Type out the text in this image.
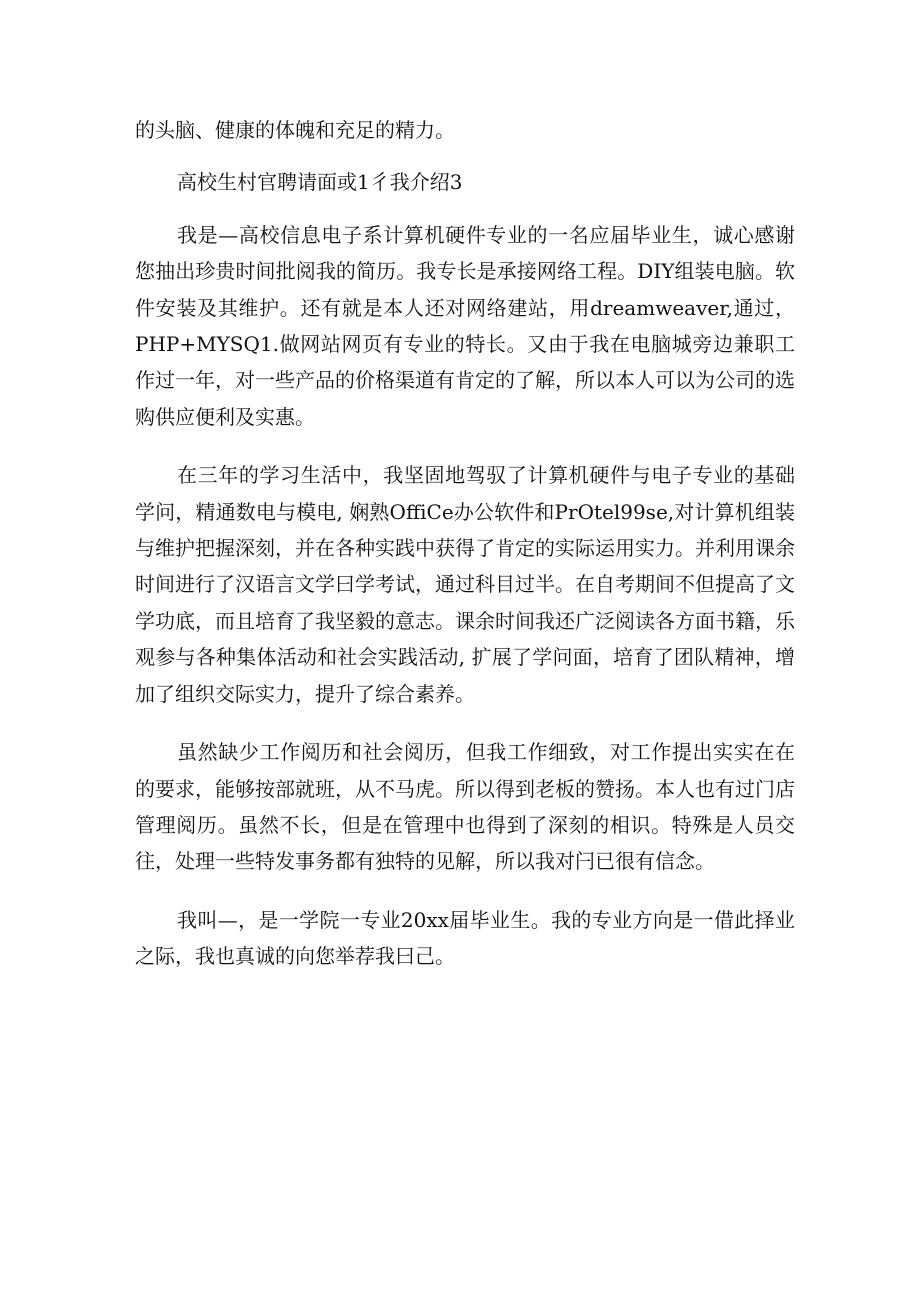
的头脑、健康的体魄和充足的精力。

高校生村官聘请面或1彳我介绍3

我是—高校信息电子系计算机硬件专业的一名应届毕业生，诚心感谢您抽出珍贵时间批阅我的简历。我专长是承接网络工程。DIY组装电脑。软件安装及其维护。还有就是本人还对网络建站，用dreamweaver,通过，PHP+MYSQ1.做网站网页有专业的特长。又由于我在电脑城旁边兼职工作过一年，对一些产品的价格渠道有肯定的了解，所以本人可以为公司的选购供应便利及实惠。

在三年的学习生活中，我坚固地驾驭了计算机硬件与电子专业的基础学问，精通数电与模电, 娴熟OffiCe办公软件和PrOtel99se,对计算机组装与维护把握深刻，并在各种实践中获得了肯定的实际运用实力。并利用课余时间进行了汉语言文学曰学考试，通过科目过半。在自考期间不但提高了文学功底，而且培育了我坚毅的意志。课余时间我还广泛阅读各方面书籍，乐观参与各种集体活动和社会实践活动, 扩展了学问面，培育了团队精神，增加了组织交际实力，提升了综合素养。

虽然缺少工作阅历和社会阅历，但我工作细致，对工作提出实实在在的要求，能够按部就班，从不马虎。所以得到老板的赞扬。本人也有过门店管理阅历。虽然不长，但是在管理中也得到了深刻的相识。特殊是人员交往，处理一些特发事务都有独特的见解，所以我对闩已很有信念。

我叫—，是一学院一专业20xx届毕业生。我的专业方向是一借此择业之际，我也真诚的向您举荐我曰己。
